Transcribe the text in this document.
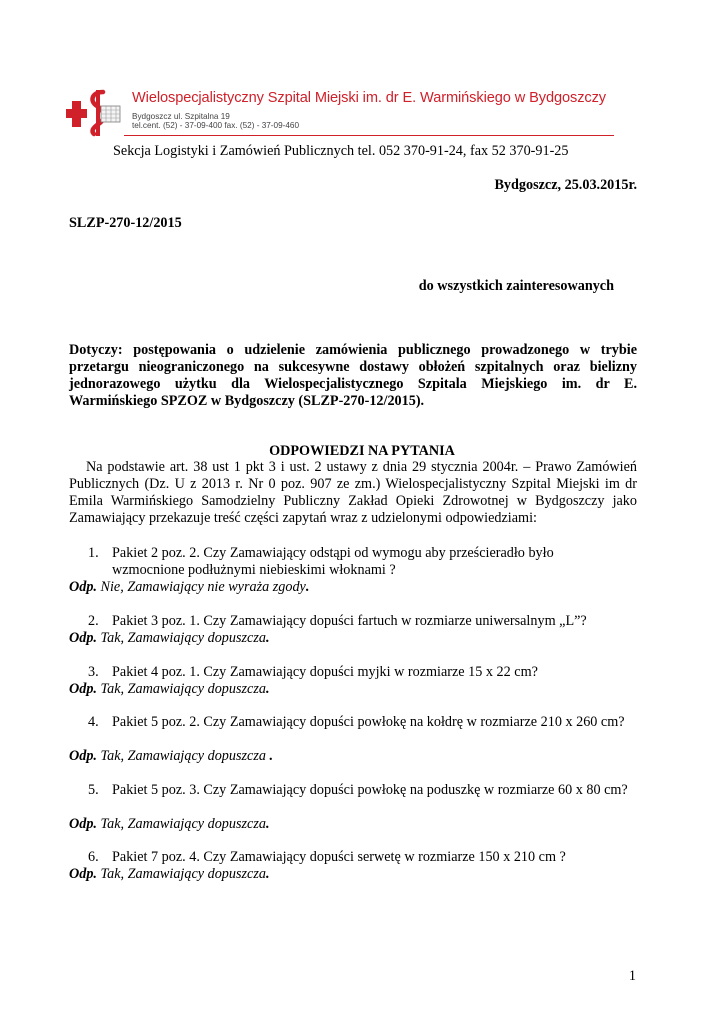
Wielospecjalistyczny Szpital Miejski im. dr E. Warmińskiego w Bydgoszczy
Bydgoszcz ul. Szpitalna 19
tel.cent. (52) - 37-09-400 fax. (52) - 37-09-460
Sekcja Logistyki i Zamówień Publicznych tel. 052 370-91-24, fax 52 370-91-25
Bydgoszcz, 25.03.2015r.
SLZP-270-12/2015
do wszystkich zainteresowanych

Dotyczy: postępowania o udzielenie zamówienia publicznego prowadzonego w trybie przetargu nieograniczonego na sukcesywne dostawy obłożeń szpitalnych oraz bielizny jednorazowego użytku dla Wielospecjalistycznego Szpitala Miejskiego im. dr E. Warmińskiego SPZOZ w Bydgoszczy (SLZP-270-12/2015).

ODPOWIEDZI NA PYTANIA

Na podstawie art. 38 ust 1 pkt 3 i ust. 2 ustawy z dnia 29 stycznia 2004r. – Prawo Zamówień Publicznych (Dz. U z 2013 r. Nr 0 poz. 907 ze zm.) Wielospecjalistyczny Szpital Miejski im dr Emila Warmińskiego Samodzielny Publiczny Zakład Opieki Zdrowotnej w Bydgoszczy jako Zamawiający przekazuje treść części zapytań wraz z udzielonymi odpowiedziami:

1. Pakiet 2 poz. 2. Czy Zamawiający odstąpi od wymogu aby prześcieradło było wzmocnione podłużnymi niebieskimi włoknami ?
Odp. Nie, Zamawiający nie wyraża zgody.
2. Pakiet 3 poz. 1. Czy Zamawiający dopuści fartuch w rozmiarze uniwersalnym „L”?
Odp. Tak, Zamawiający dopuszcza.
3. Pakiet 4 poz. 1. Czy Zamawiający dopuści myjki w rozmiarze 15 x 22 cm?
Odp. Tak, Zamawiający dopuszcza.
4. Pakiet 5 poz. 2. Czy Zamawiający dopuści powłokę na kołdrę w rozmiarze 210 x 260 cm?
Odp. Tak, Zamawiający dopuszcza .
5. Pakiet 5 poz. 3. Czy Zamawiający dopuści powłokę na poduszkę w rozmiarze 60 x 80 cm?
Odp. Tak, Zamawiający dopuszcza.
6. Pakiet 7 poz. 4. Czy Zamawiający dopuści serwetę w rozmiarze 150 x 210 cm ?
Odp. Tak, Zamawiający dopuszcza.
1
